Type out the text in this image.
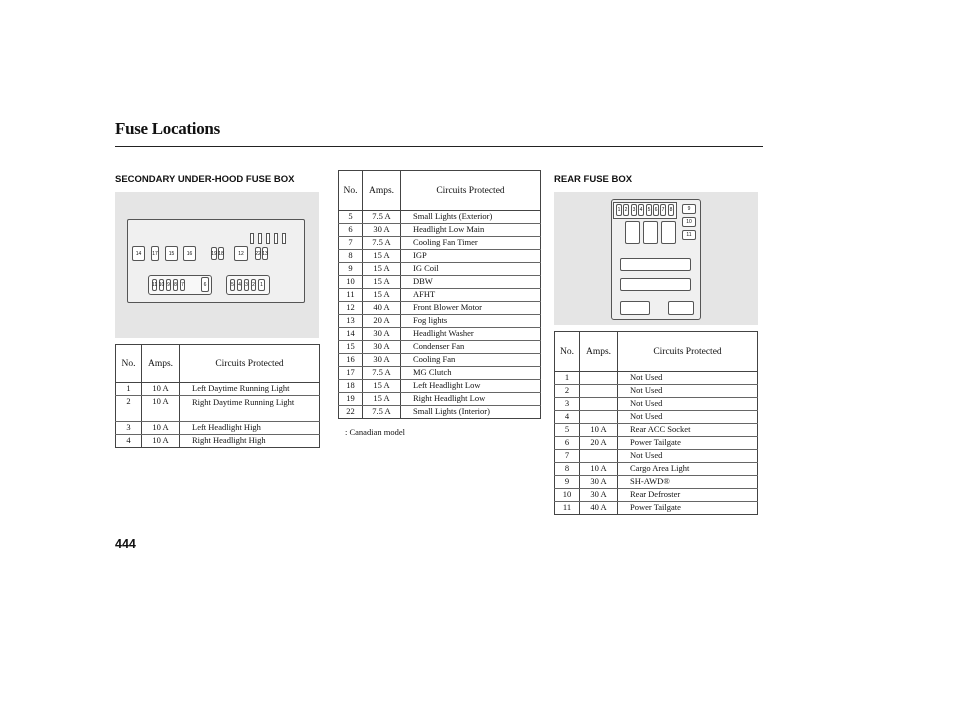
Fuse Locations
SECONDARY UNDER-HOOD FUSE BOX	REAR FUSE BOX
14	17	15	16	19 18	12	22 13
11 10 9 8 7	6	5 4 3 2	1
No.	Amps.	Circuits Protected
1	10 A	Left Daytime Running Light
2	10 A	Right Daytime Running Light
3	10 A	Left Headlight High
4	10 A	Right Headlight High
No.	Amps.	Circuits Protected
5	7.5 A	Small Lights (Exterior)
6	30 A	Headlight Low Main
7	7.5 A	Cooling Fan Timer
8	15 A	IGP
9	15 A	IG Coil
10	15 A	DBW
11	15 A	AFHT
12	40 A	Front Blower Motor
13	20 A	Fog lights
14	30 A	Headlight Washer
15	30 A	Condenser Fan
16	30 A	Cooling Fan
17	7.5 A	MG Clutch
18	15 A	Left Headlight Low
19	15 A	Right Headlight Low
22	7.5 A	Small Lights (Interior)
: Canadian model
1 2	3 4	5 6 7	8	9
10
11
No.	Amps.	Circuits Protected
1		Not Used
2		Not Used
3		Not Used
4		Not Used
5	10 A	Rear ACC Socket
6	20 A	Power Tailgate
7		Not Used
8	10 A	Cargo Area Light
9	30 A	SH-AWD®
10	30 A	Rear Defroster
11	40 A	Power Tailgate
444
